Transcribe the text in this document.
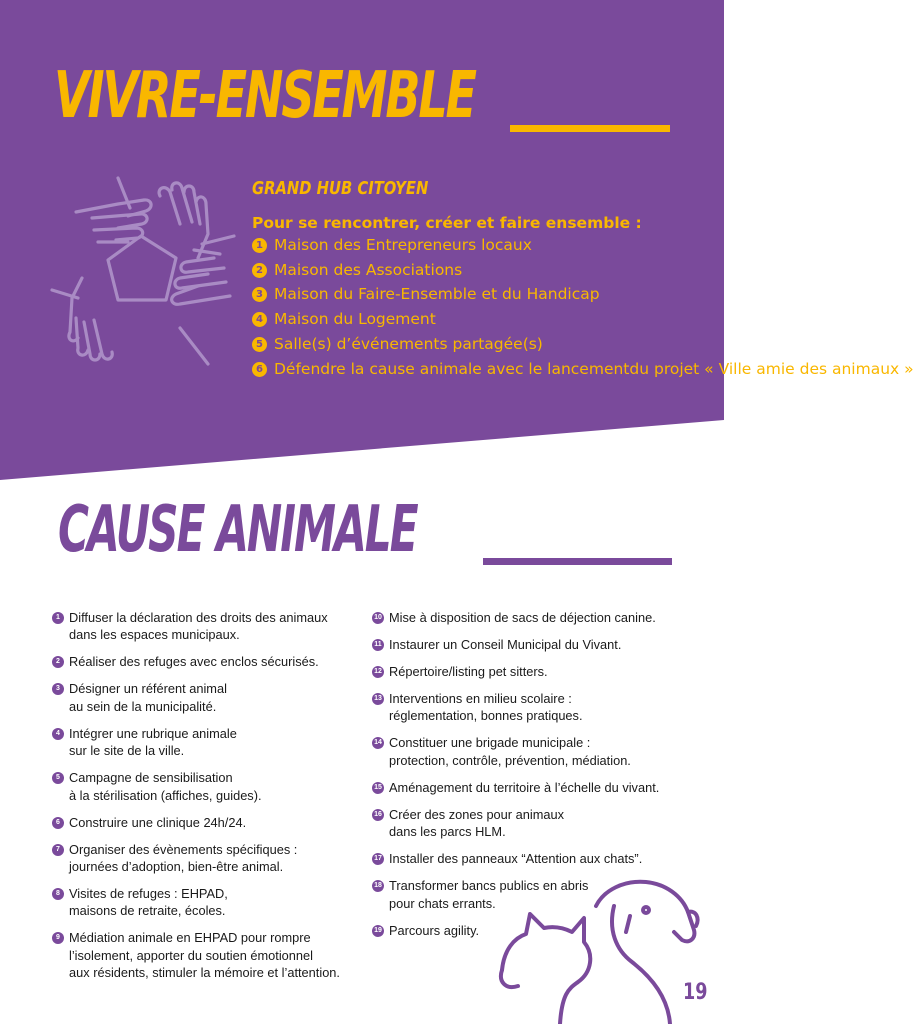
VIVRE-ENSEMBLE
GRAND HUB CITOYEN

Pour se rencontrer, créer et faire ensemble :

1 Maison des Entrepreneurs locaux
2 Maison des Associations
3 Maison du Faire-Ensemble et du Handicap
4 Maison du Logement
5 Salle(s) d’événements partagée(s)
6 Défendre la cause animale avec le lancementdu projet « Ville amie des animaux »
CAUSE ANIMALE
1 Diffuser la déclaration des droits des animaux
dans les espaces municipaux.
2 Réaliser des refuges avec enclos sécurisés.
3 Désigner un référent animal
au sein de la municipalité.
4 Intégrer une rubrique animale
sur le site de la ville.
5 Campagne de sensibilisation
à la stérilisation (affiches, guides).
6 Construire une clinique 24h/24.
7 Organiser des évènements spécifiques :
journées d’adoption, bien-être animal.
8 Visites de refuges : EHPAD,
maisons de retraite, écoles.
9 Médiation animale en EHPAD pour rompre
l’isolement, apporter du soutien émotionnel
aux résidents, stimuler la mémoire et l’attention.
10 Mise à disposition de sacs de déjection canine.
11 Instaurer un Conseil Municipal du Vivant.
12 Répertoire/listing pet sitters.
13 Interventions en milieu scolaire :
réglementation, bonnes pratiques.
14 Constituer une brigade municipale :
protection, contrôle, prévention, médiation.
15 Aménagement du territoire à l’échelle du vivant.
16 Créer des zones pour animaux
dans les parcs HLM.
17 Installer des panneaux “Attention aux chats”.
18 Transformer bancs publics en abris
pour chats errants.
19 Parcours agility.
19
